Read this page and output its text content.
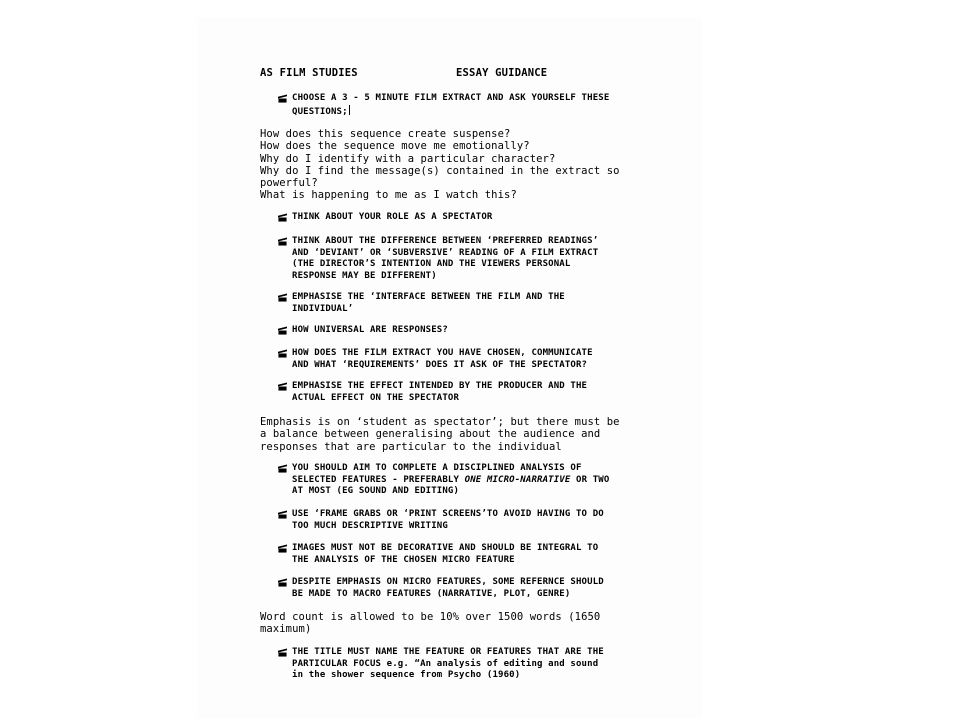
AS FILM STUDIES	ESSAY GUIDANCE
CHOOSE A 3 - 5 MINUTE FILM EXTRACT AND ASK YOURSELF THESE
QUESTIONS;
How does this sequence create suspense?
How does the sequence move me emotionally?
Why do I identify with a particular character?
Why do I find the message(s) contained in the extract so
powerful?
What is happening to me as I watch this?
THINK ABOUT YOUR ROLE AS A SPECTATOR
THINK ABOUT THE DIFFERENCE BETWEEN ‘PREFERRED READINGS’
AND ‘DEVIANT’ OR ‘SUBVERSIVE’ READING OF A FILM EXTRACT
(THE DIRECTOR’S INTENTION AND THE VIEWERS PERSONAL
RESPONSE MAY BE DIFFERENT)
EMPHASISE THE ‘INTERFACE BETWEEN THE FILM AND THE
INDIVIDUAL’
HOW UNIVERSAL ARE RESPONSES?
HOW DOES THE FILM EXTRACT YOU HAVE CHOSEN, COMMUNICATE
AND WHAT ‘REQUIREMENTS’ DOES IT ASK OF THE SPECTATOR?
EMPHASISE THE EFFECT INTENDED BY THE PRODUCER AND THE
ACTUAL EFFECT ON THE SPECTATOR
Emphasis is on ‘student as spectator’; but there must be
a balance between generalising about the audience and
responses that are particular to the individual
YOU SHOULD AIM TO COMPLETE A DISCIPLINED ANALYSIS OF
SELECTED FEATURES - PREFERABLY ONE MICRO-NARRATIVE OR TWO
AT MOST (EG SOUND AND EDITING)
USE ‘FRAME GRABS OR ‘PRINT SCREENS’TO AVOID HAVING TO DO
TOO MUCH DESCRIPTIVE WRITING
IMAGES MUST NOT BE DECORATIVE AND SHOULD BE INTEGRAL TO
THE ANALYSIS OF THE CHOSEN MICRO FEATURE
DESPITE EMPHASIS ON MICRO FEATURES, SOME REFERNCE SHOULD
BE MADE TO MACRO FEATURES (NARRATIVE, PLOT, GENRE)
Word count is allowed to be 10% over 1500 words (1650
maximum)
THE TITLE MUST NAME THE FEATURE OR FEATURES THAT ARE THE
PARTICULAR FOCUS e.g. “An analysis of editing and sound
in the shower sequence from Psycho (1960)
